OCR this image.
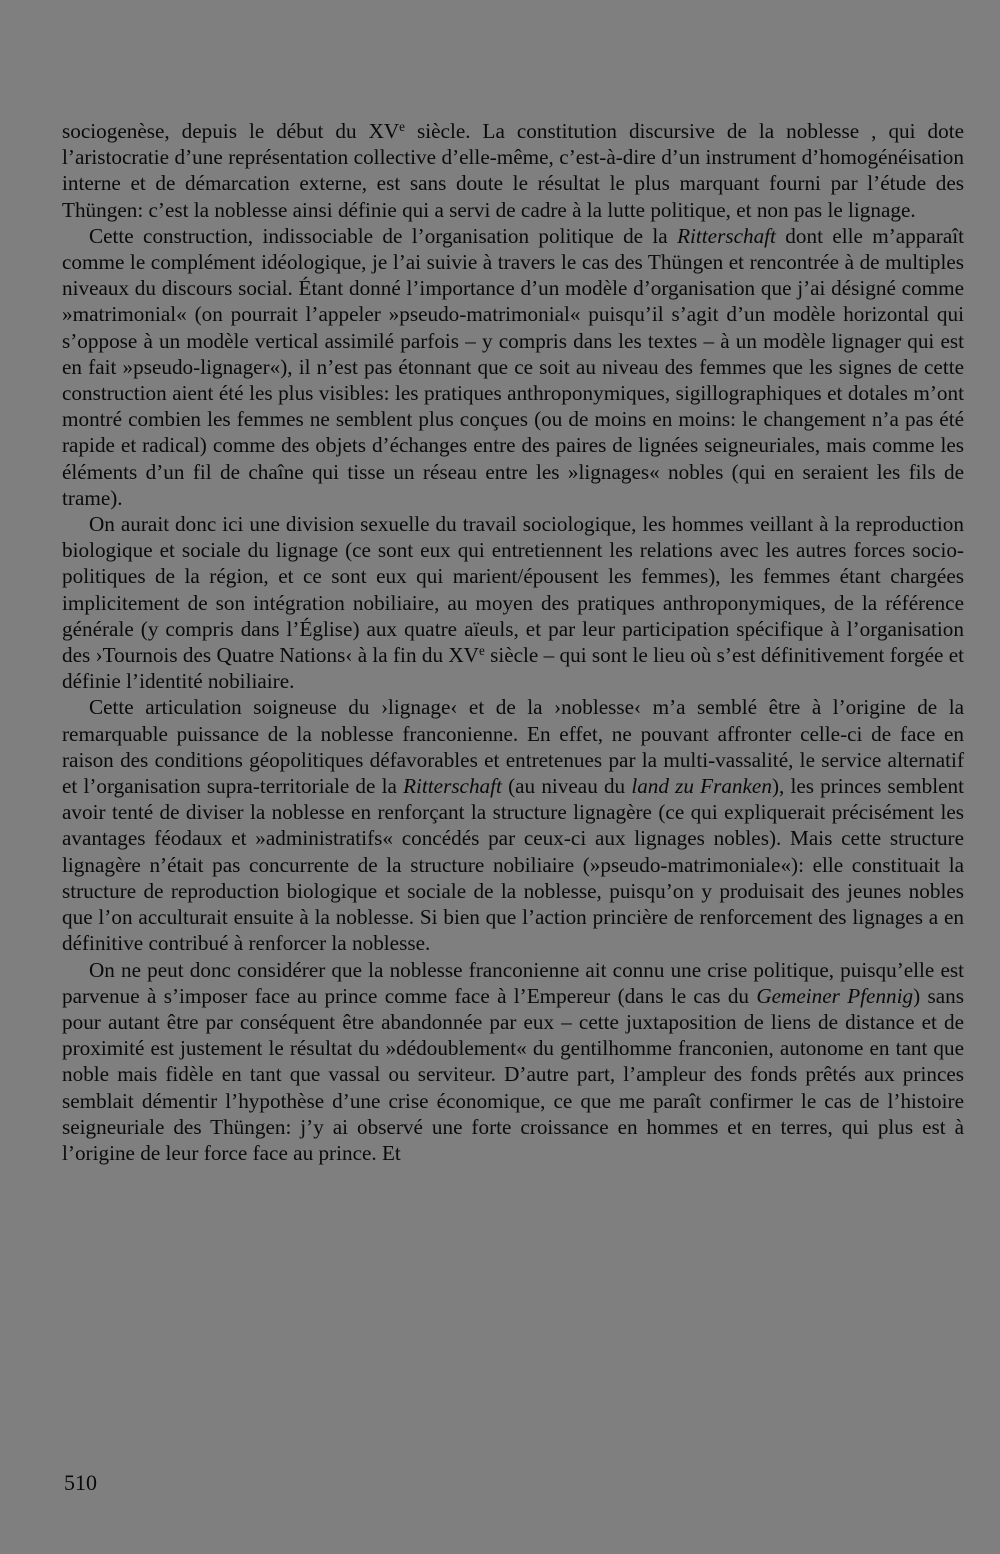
sociogenèse, depuis le début du XVe siècle. La constitution discursive de la noblesse , qui dote l’aristocratie d’une représentation collective d’elle-même, c’est-à-dire d’un instrument d’homogénéisation interne et de démarcation externe, est sans doute le résultat le plus marquant fourni par l’étude des Thüngen: c’est la noblesse ainsi définie qui a servi de cadre à la lutte politique, et non pas le lignage.

Cette construction, indissociable de l’organisation politique de la Ritterschaft dont elle m’apparaît comme le complément idéologique, je l’ai suivie à travers le cas des Thüngen et rencontrée à de multiples niveaux du discours social. Étant donné l’importance d’un modèle d’organisation que j’ai désigné comme »matrimonial« (on pourrait l’appeler »pseudo-matrimonial« puisqu’il s’agit d’un modèle horizontal qui s’oppose à un modèle vertical assimilé parfois – y compris dans les textes – à un modèle lignager qui est en fait »pseudo-lignager«), il n’est pas étonnant que ce soit au niveau des femmes que les signes de cette construction aient été les plus visibles: les pratiques anthroponymiques, sigillographiques et dotales m’ont montré combien les femmes ne semblent plus conçues (ou de moins en moins: le changement n’a pas été rapide et radical) comme des objets d’échanges entre des paires de lignées seigneuriales, mais comme les éléments d’un fil de chaîne qui tisse un réseau entre les »lignages« nobles (qui en seraient les fils de trame).

On aurait donc ici une division sexuelle du travail sociologique, les hommes veillant à la reproduction biologique et sociale du lignage (ce sont eux qui entretiennent les relations avec les autres forces socio-politiques de la région, et ce sont eux qui marient/épousent les femmes), les femmes étant chargées implicitement de son intégration nobiliaire, au moyen des pratiques anthroponymiques, de la référence générale (y compris dans l’Église) aux quatre aïeuls, et par leur participation spécifique à l’organisation des ›Tournois des Quatre Nations‹ à la fin du XVe siècle – qui sont le lieu où s’est définitivement forgée et définie l’identité nobiliaire.

Cette articulation soigneuse du ›lignage‹ et de la ›noblesse‹ m’a semblé être à l’origine de la remarquable puissance de la noblesse franconienne. En effet, ne pouvant affronter celle-ci de face en raison des conditions géopolitiques défavorables et entretenues par la multi-vassalité, le service alternatif et l’organisation supra-territoriale de la Ritterschaft (au niveau du land zu Franken), les princes semblent avoir tenté de diviser la noblesse en renforçant la structure lignagère (ce qui expliquerait précisément les avantages féodaux et »administratifs« concédés par ceux-ci aux lignages nobles). Mais cette structure lignagère n’était pas concurrente de la structure nobiliaire (»pseudo-matrimoniale«): elle constituait la structure de reproduction biologique et sociale de la noblesse, puisqu’on y produisait des jeunes nobles que l’on acculturait ensuite à la noblesse. Si bien que l’action princière de renforcement des lignages a en définitive contribué à renforcer la noblesse.

On ne peut donc considérer que la noblesse franconienne ait connu une crise politique, puisqu’elle est parvenue à s’imposer face au prince comme face à l’Empereur (dans le cas du Gemeiner Pfennig) sans pour autant être par conséquent être abandonnée par eux – cette juxtaposition de liens de distance et de proximité est justement le résultat du »dédoublement« du gentilhomme franconien, autonome en tant que noble mais fidèle en tant que vassal ou serviteur. D’autre part, l’ampleur des fonds prêtés aux princes semblait démentir l’hypothèse d’une crise économique, ce que me paraît confirmer le cas de l’histoire seigneuriale des Thüngen: j’y ai observé une forte croissance en hommes et en terres, qui plus est à l’origine de leur force face au prince. Et

510
